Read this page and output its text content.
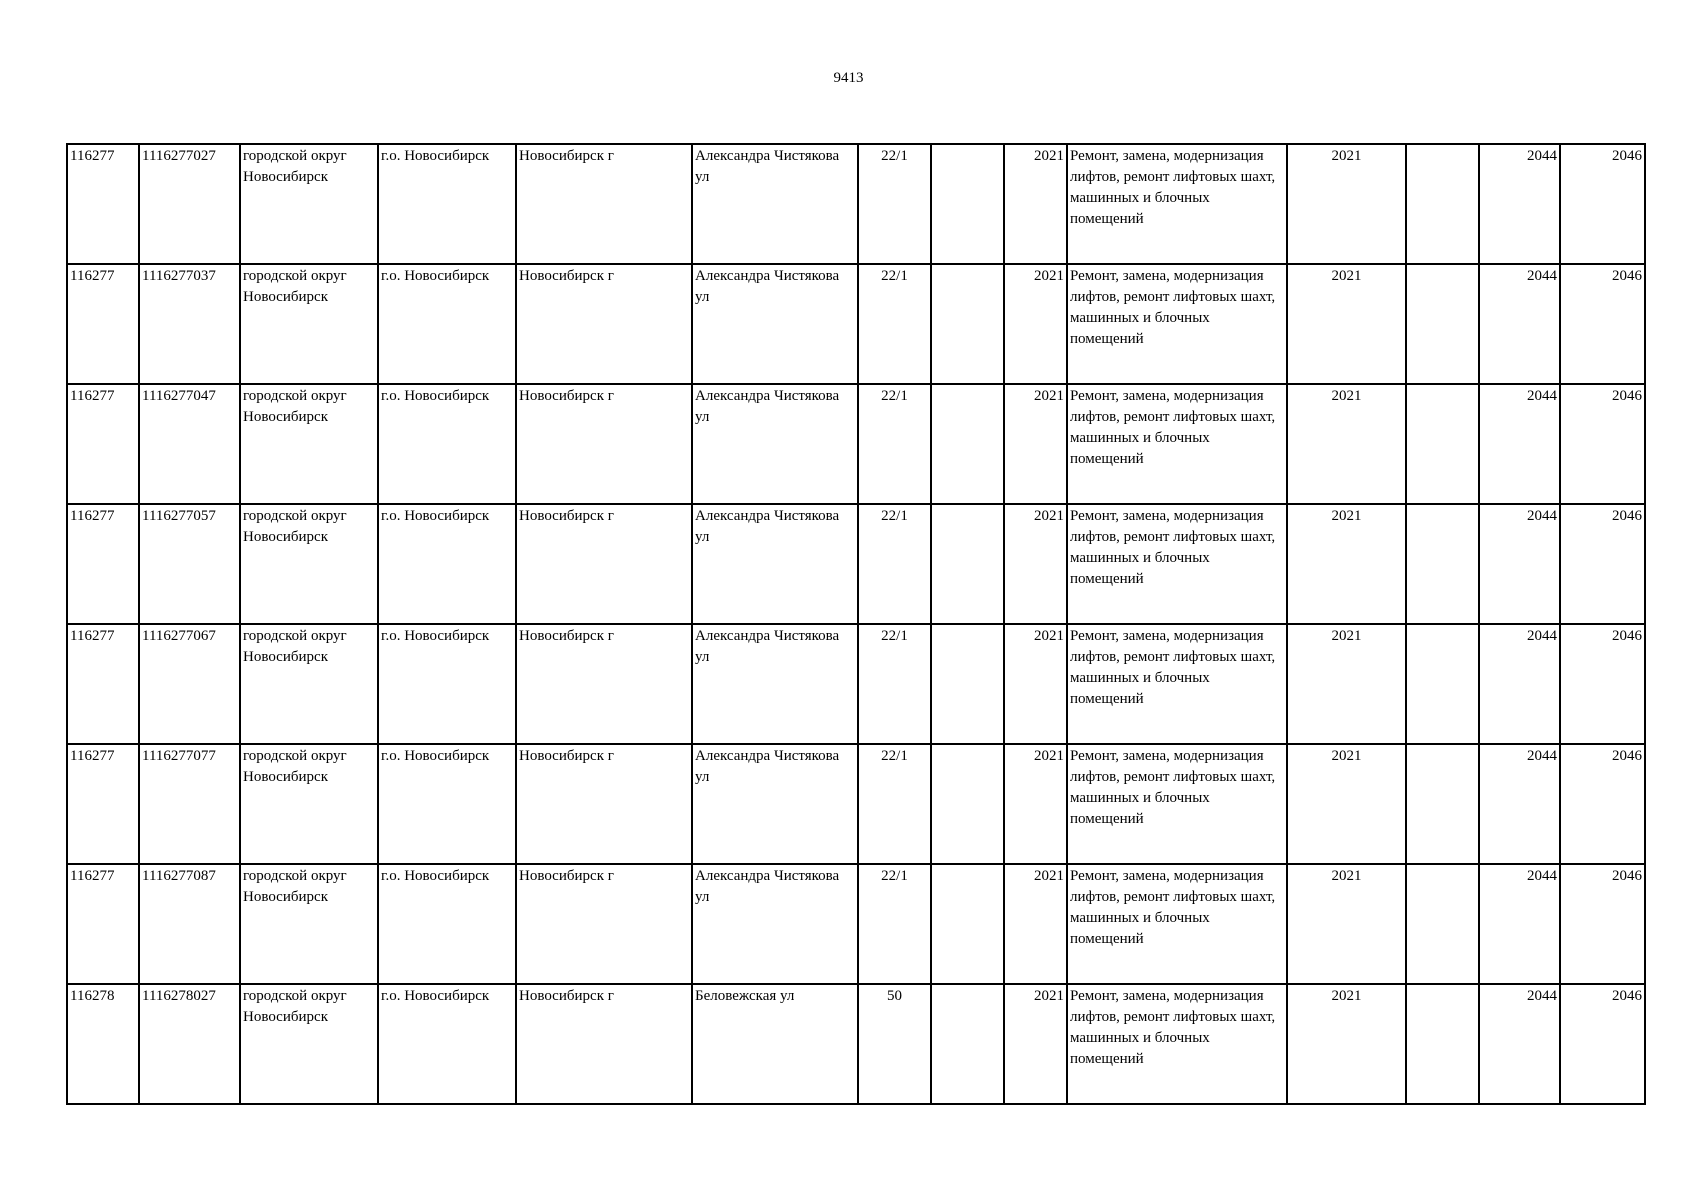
9413
116277	1116277027	городской округ Новосибирск	г.о. Новосибирск	Новосибирск г	Александра Чистякова ул	22/1		2021	Ремонт, замена, модернизация лифтов, ремонт лифтовых шахт, машинных и блочных помещений	2021		2044	2046
116277	1116277037	городской округ Новосибирск	г.о. Новосибирск	Новосибирск г	Александра Чистякова ул	22/1		2021	Ремонт, замена, модернизация лифтов, ремонт лифтовых шахт, машинных и блочных помещений	2021		2044	2046
116277	1116277047	городской округ Новосибирск	г.о. Новосибирск	Новосибирск г	Александра Чистякова ул	22/1		2021	Ремонт, замена, модернизация лифтов, ремонт лифтовых шахт, машинных и блочных помещений	2021		2044	2046
116277	1116277057	городской округ Новосибирск	г.о. Новосибирск	Новосибирск г	Александра Чистякова ул	22/1		2021	Ремонт, замена, модернизация лифтов, ремонт лифтовых шахт, машинных и блочных помещений	2021		2044	2046
116277	1116277067	городской округ Новосибирск	г.о. Новосибирск	Новосибирск г	Александра Чистякова ул	22/1		2021	Ремонт, замена, модернизация лифтов, ремонт лифтовых шахт, машинных и блочных помещений	2021		2044	2046
116277	1116277077	городской округ Новосибирск	г.о. Новосибирск	Новосибирск г	Александра Чистякова ул	22/1		2021	Ремонт, замена, модернизация лифтов, ремонт лифтовых шахт, машинных и блочных помещений	2021		2044	2046
116277	1116277087	городской округ Новосибирск	г.о. Новосибирск	Новосибирск г	Александра Чистякова ул	22/1		2021	Ремонт, замена, модернизация лифтов, ремонт лифтовых шахт, машинных и блочных помещений	2021		2044	2046
116278	1116278027	городской округ Новосибирск	г.о. Новосибирск	Новосибирск г	Беловежская ул	50		2021	Ремонт, замена, модернизация лифтов, ремонт лифтовых шахт, машинных и блочных помещений	2021		2044	2046
